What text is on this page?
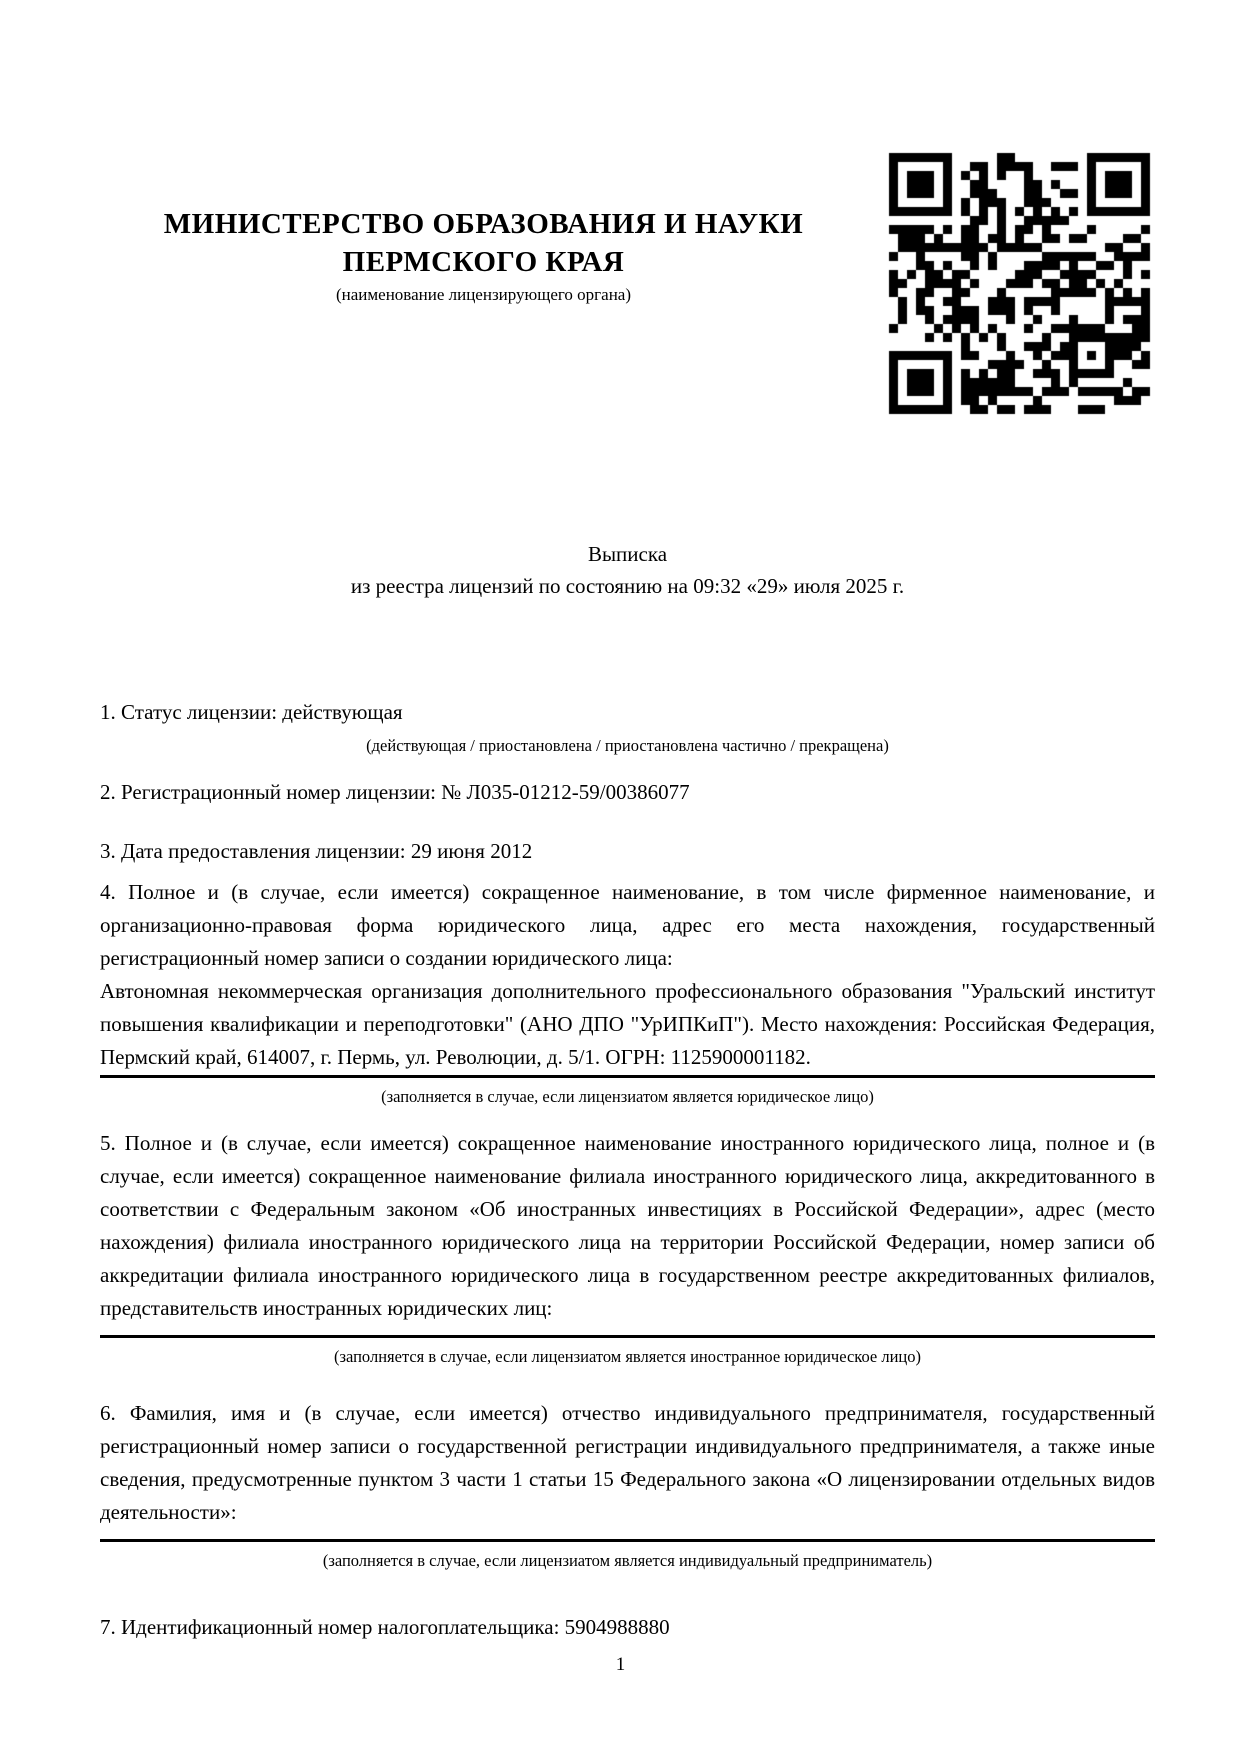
МИНИСТЕРСТВО ОБРАЗОВАНИЯ И НАУКИ
ПЕРМСКОГО КРАЯ
(наименование лицензирующего органа)
Выписка
из реестра лицензий по состоянию на 09:32 «29» июля 2025 г.
1. Статус лицензии: действующая
(действующая / приостановлена / приостановлена частично / прекращена)
2. Регистрационный номер лицензии: № Л035-01212-59/00386077
3. Дата предоставления лицензии: 29 июня 2012
4. Полное и (в случае, если имеется) сокращенное наименование, в том числе фирменное наименование, и организационно-правовая форма юридического лица, адрес его места нахождения, государственный регистрационный номер записи о создании юридического лица:
Автономная некоммерческая организация дополнительного профессионального образования "Уральский институт повышения квалификации и переподготовки" (АНО ДПО "УрИПКиП"). Место нахождения: Российская Федерация, Пермский край, 614007, г. Пермь, ул. Революции, д. 5/1. ОГРН: 1125900001182.
(заполняется в случае, если лицензиатом является юридическое лицо)
5. Полное и (в случае, если имеется) сокращенное наименование иностранного юридического лица, полное и (в случае, если имеется) сокращенное наименование филиала иностранного юридического лица, аккредитованного в соответствии с Федеральным законом «Об иностранных инвестициях в Российской Федерации», адрес (место нахождения) филиала иностранного юридического лица на территории Российской Федерации, номер записи об аккредитации филиала иностранного юридического лица в государственном реестре аккредитованных филиалов, представительств иностранных юридических лиц:
(заполняется в случае, если лицензиатом является иностранное юридическое лицо)
6. Фамилия, имя и (в случае, если имеется) отчество индивидуального предпринимателя, государственный регистрационный номер записи о государственной регистрации индивидуального предпринимателя, а также иные сведения, предусмотренные пунктом 3 части 1 статьи 15 Федерального закона «О лицензировании отдельных видов деятельности»:
(заполняется в случае, если лицензиатом является индивидуальный предприниматель)
7. Идентификационный номер налогоплательщика: 5904988880
1
